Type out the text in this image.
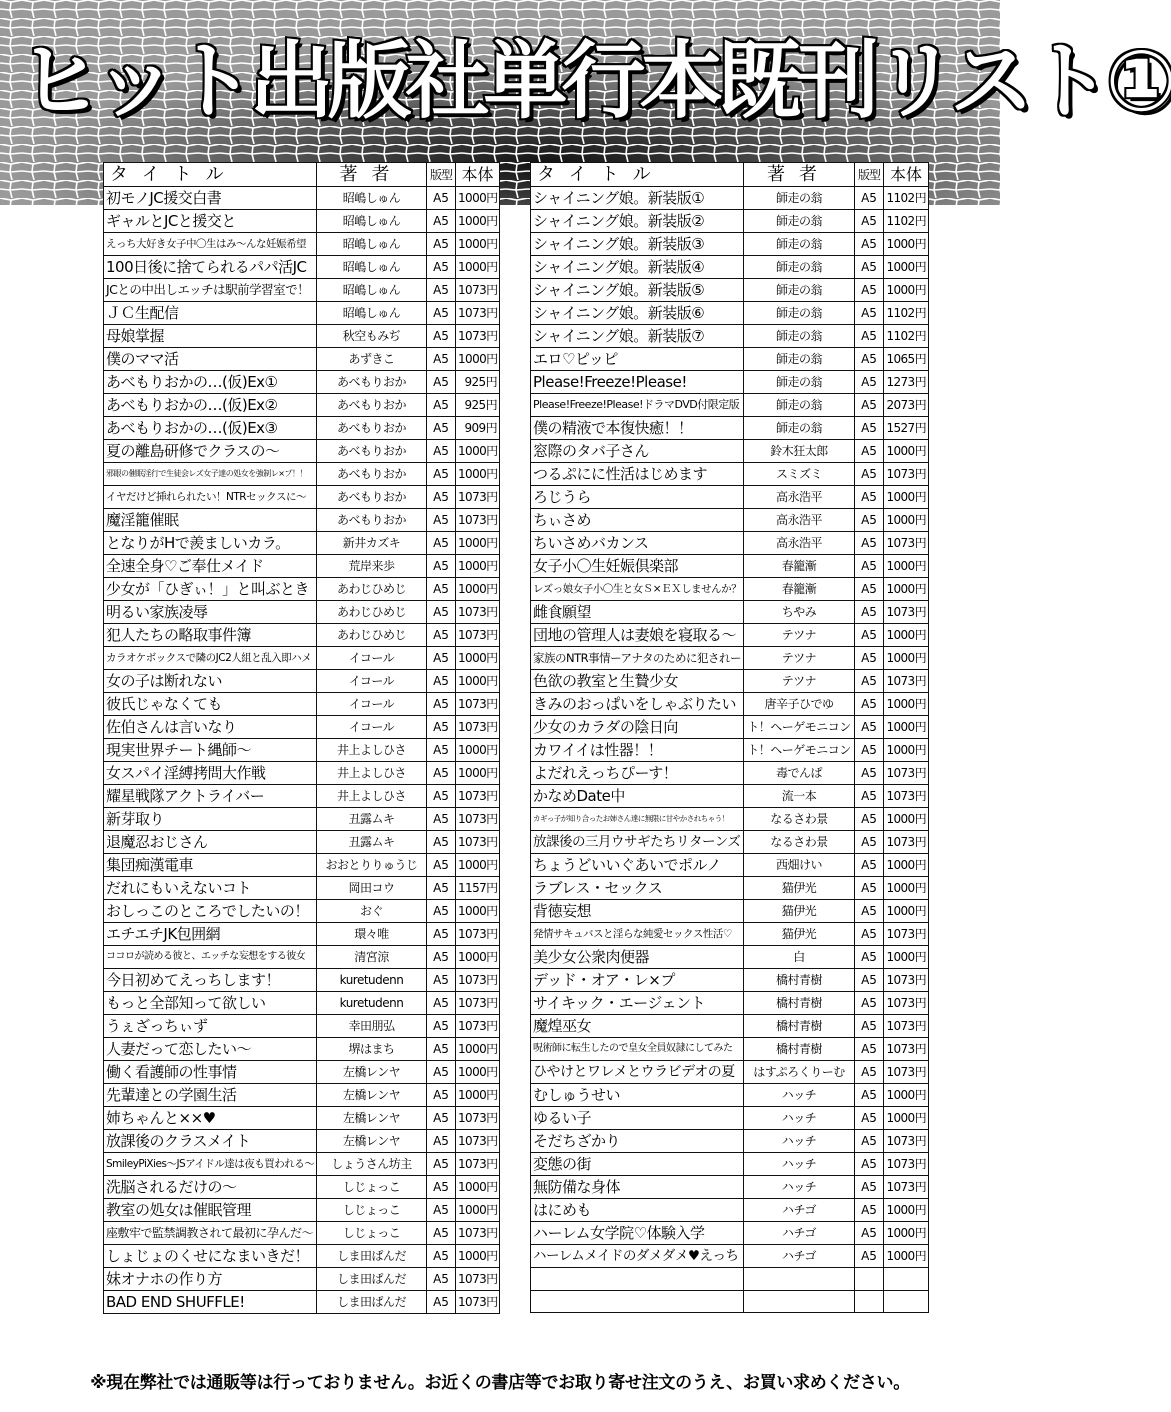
ヒット出版社単行本既刊リスト①
タイトル	著者	版型	本体
初モノJC援交白書	昭嶋しゅん	A5	1000円
ギャルとJCと援交と	昭嶋しゅん	A5	1000円
えっち大好き女子中〇生はみ〜んな妊娠希望	昭嶋しゅん	A5	1000円
100日後に捨てられるパパ活JC	昭嶋しゅん	A5	1000円
JCとの中出しエッチは駅前学習室で！	昭嶋しゅん	A5	1073円
ＪＣ生配信	昭嶋しゅん	A5	1073円
母娘掌握	秋空もみぢ	A5	1073円
僕のママ活	あずきこ	A5	1000円
あべもりおかの…(仮)Ex①	あべもりおか	A5	925円
あべもりおかの…(仮)Ex②	あべもりおか	A5	925円
あべもりおかの…(仮)Ex③	あべもりおか	A5	909円
夏の離島研修でクラスの〜	あべもりおか	A5	1000円
邪眼の催眠淫行で生徒会レズ女子達の処女を強制レ×プ！！	あべもりおか	A5	1000円
イヤだけど挿れられたい！NTRセックスに〜	あべもりおか	A5	1073円
魔淫籠催眠	あべもりおか	A5	1073円
となりがHで羨ましいカラ。	新井カズキ	A5	1000円
全速全身♡ご奉仕メイド	荒岸来歩	A5	1000円
少女が「ひぎぃ！」と叫ぶとき	あわじひめじ	A5	1000円
明るい家族凌辱	あわじひめじ	A5	1073円
犯人たちの略取事件簿	あわじひめじ	A5	1073円
カラオケボックスで隣のJC2人組と乱入即ハメ	イコール	A5	1000円
女の子は断れない	イコール	A5	1000円
彼氏じゃなくても	イコール	A5	1073円
佐伯さんは言いなり	イコール	A5	1073円
現実世界チート縄師〜	井上よしひさ	A5	1000円
女スパイ淫縛拷問大作戦	井上よしひさ	A5	1000円
耀星戦隊アクトライバー	井上よしひさ	A5	1073円
新芽取り	丑露ムキ	A5	1073円
退魔忍おじさん	丑露ムキ	A5	1073円
集団痴漢電車	おおとりりゅうじ	A5	1000円
だれにもいえないコト	岡田コウ	A5	1157円
おしっこのところでしたいの！	おぐ	A5	1000円
エチエチJK包囲網	環々唯	A5	1073円
ココロが読める彼と、エッチな妄想をする彼女	清宮涼	A5	1000円
今日初めてえっちします！	kuretudenn	A5	1073円
もっと全部知って欲しい	kuretudenn	A5	1073円
うぇざっちぃず	幸田朋弘	A5	1073円
人妻だって恋したい〜	堺はまち	A5	1000円
働く看護師の性事情	左橋レンヤ	A5	1000円
先輩達との学園生活	左橋レンヤ	A5	1000円
姉ちゃんと××♥	左橋レンヤ	A5	1073円
放課後のクラスメイト	左橋レンヤ	A5	1073円
SmileyPiXies〜JSアイドル達は夜も買われる〜	しょうさん坊主	A5	1073円
洗脳されるだけの〜	しじょっこ	A5	1000円
教室の処女は催眠管理	しじょっこ	A5	1000円
座敷牢で監禁調教されて最初に孕んだ〜	しじょっこ	A5	1073円
しょじょのくせになまいきだ！	しま田ぱんだ	A5	1000円
妹オナホの作り方	しま田ぱんだ	A5	1073円
BAD END SHUFFLE!	しま田ぱんだ	A5	1073円
タイトル	著者	版型	本体
シャイニング娘。新装版①	師走の翁	A5	1102円
シャイニング娘。新装版②	師走の翁	A5	1102円
シャイニング娘。新装版③	師走の翁	A5	1000円
シャイニング娘。新装版④	師走の翁	A5	1000円
シャイニング娘。新装版⑤	師走の翁	A5	1000円
シャイニング娘。新装版⑥	師走の翁	A5	1102円
シャイニング娘。新装版⑦	師走の翁	A5	1102円
エロ♡ピッピ	師走の翁	A5	1065円
Please!Freeze!Please!	師走の翁	A5	1273円
Please!Freeze!Please!ドラマDVD付限定版	師走の翁	A5	2073円
僕の精液で本復快癒！！	師走の翁	A5	1527円
窓際のタバ子さん	鈴木狂太郎	A5	1000円
つるぷにに性活はじめます	スミズミ	A5	1073円
ろじうら	高永浩平	A5	1000円
ちぃさめ	高永浩平	A5	1000円
ちいさめバカンス	高永浩平	A5	1073円
女子小〇生妊娠倶楽部	春籠漸	A5	1000円
レズっ娘女子小〇生と女Ｓ×ＥＸしませんか？	春籠漸	A5	1000円
雌食願望	ちやみ	A5	1073円
団地の管理人は妻娘を寝取る〜	テツナ	A5	1000円
家族のNTR事情ーアナタのために犯されー	テツナ	A5	1000円
色欲の教室と生贄少女	テツナ	A5	1073円
きみのおっぱいをしゃぶりたい	唐辛子ひでゆ	A5	1000円
少女のカラダの陰日向	ト！ヘーゲモニコン	A5	1000円
カワイイは性器！！	ト！ヘーゲモニコン	A5	1000円
よだれえっちぴーす！	毒でんぱ	A5	1073円
かなめDate中	流一本	A5	1073円
カギっ子が知り合ったお姉さん達に無限に甘やかされちゃう！	なるさわ景	A5	1000円
放課後の三月ウサギたちリターンズ	なるさわ景	A5	1073円
ちょうどいいぐあいでポルノ	西畑けい	A5	1000円
ラブレス・セックス	猫伊光	A5	1000円
背徳妄想	猫伊光	A5	1000円
発情サキュバスと淫らな純愛セックス性活♡	猫伊光	A5	1073円
美少女公衆肉便器	白	A5	1000円
デッド・オア・レ×プ	橋村青樹	A5	1073円
サイキック・エージェント	橋村青樹	A5	1073円
魔煌巫女	橋村青樹	A5	1073円
呪術師に転生したので皇女全員奴隷にしてみた	橋村青樹	A5	1073円
ひやけとワレメとウラビデオの夏	はすぷろくりーむ	A5	1073円
むしゅうせい	ハッチ	A5	1000円
ゆるい子	ハッチ	A5	1000円
そだちざかり	ハッチ	A5	1073円
変態の街	ハッチ	A5	1073円
無防備な身体	ハッチ	A5	1073円
はにめも	ハチゴ	A5	1000円
ハーレム女学院♡体験入学	ハチゴ	A5	1000円
ハーレムメイドのダメダメ♥えっち	ハチゴ	A5	1000円

※現在弊社では通販等は行っておりません。お近くの書店等でお取り寄せ注文のうえ、お買い求めください。
